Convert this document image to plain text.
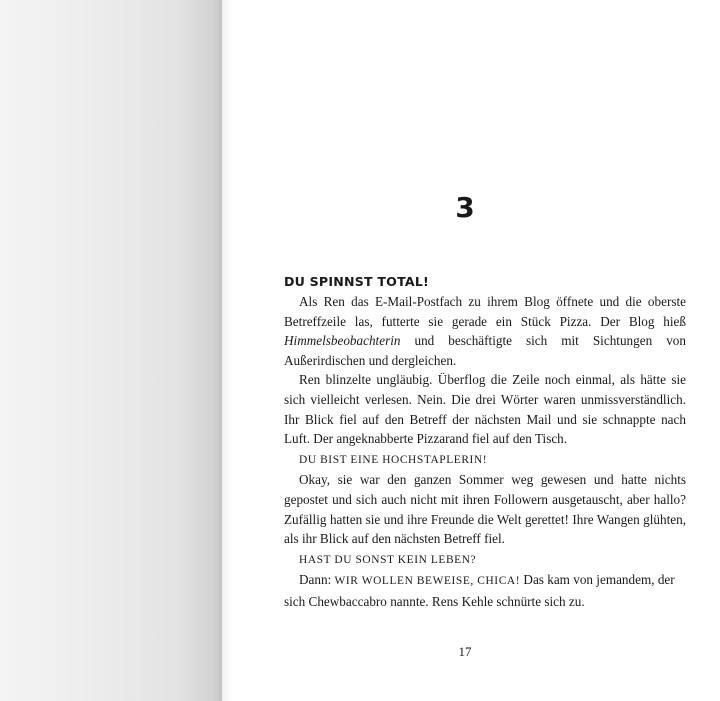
3

DU SPINNST TOTAL!

Als Ren das E-Mail-Postfach zu ihrem Blog öffnete und die oberste Betreffzeile las, futterte sie gerade ein Stück Pizza. Der Blog hieß Himmelsbeobachterin und beschäftigte sich mit Sichtungen von Außerirdischen und dergleichen.

Ren blinzelte ungläubig. Überflog die Zeile noch einmal, als hätte sie sich vielleicht verlesen. Nein. Die drei Wörter waren unmissverständlich. Ihr Blick fiel auf den Betreff der nächsten Mail und sie schnappte nach Luft. Der angeknabberte Pizzarand fiel auf den Tisch.

DU BIST EINE HOCHSTAPLERIN!

Okay, sie war den ganzen Sommer weg gewesen und hatte nichts gepostet und sich auch nicht mit ihren Followern ausgetauscht, aber hallo? Zufällig hatten sie und ihre Freunde die Welt gerettet! Ihre Wangen glühten, als ihr Blick auf den nächsten Betreff fiel.

HAST DU SONST KEIN LEBEN?

Dann: WIR WOLLEN BEWEISE, CHICA! Das kam von jemandem, der sich Chewbaccabro nannte. Rens Kehle schnürte sich zu.

17
